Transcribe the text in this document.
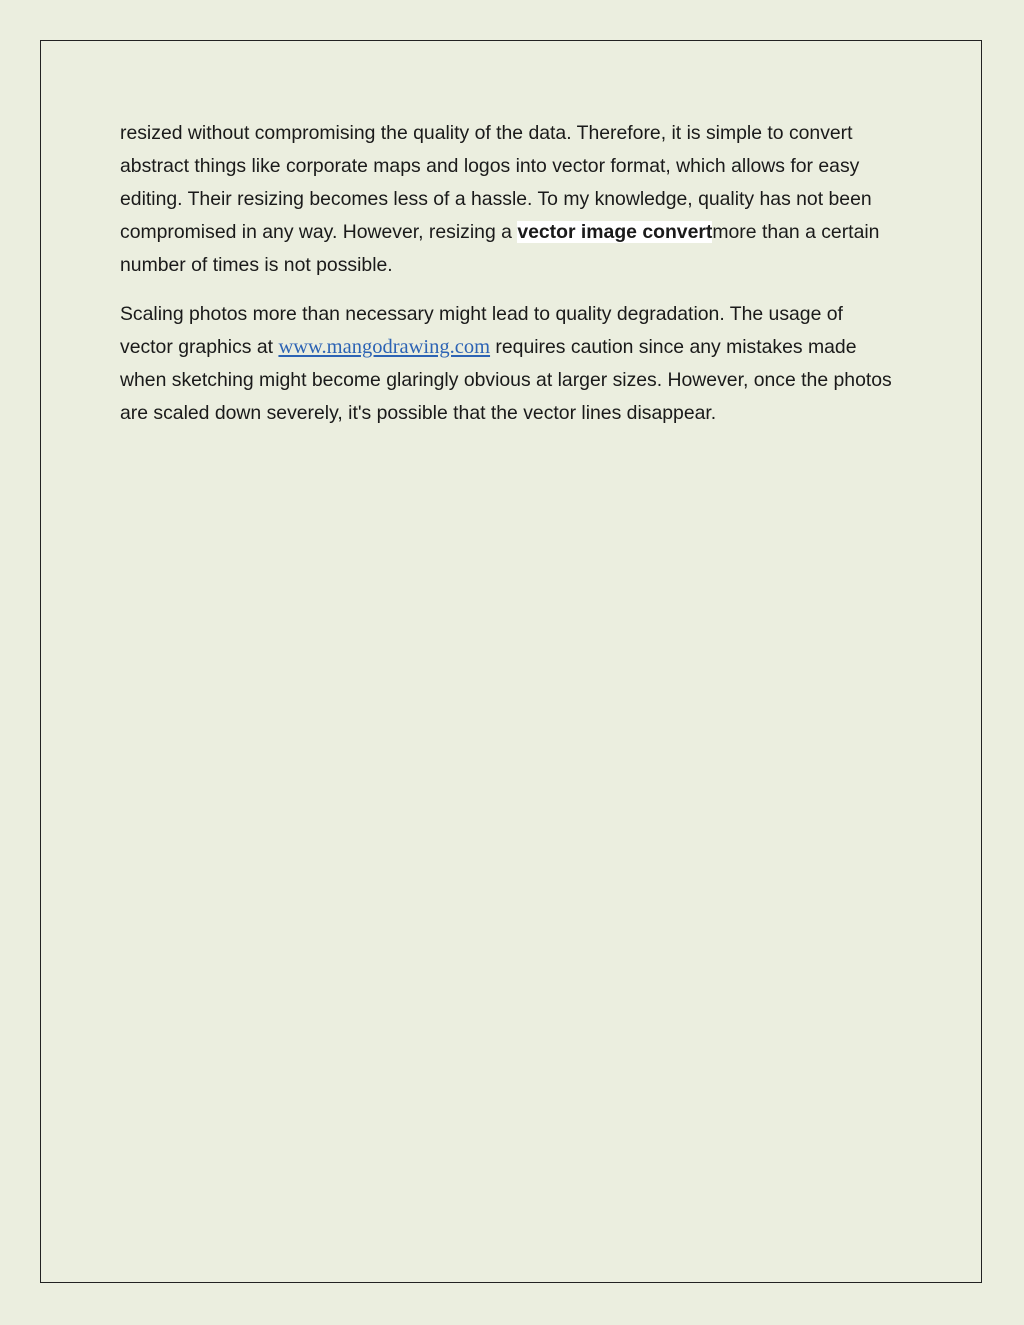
resized without compromising the quality of the data. Therefore, it is simple to convert abstract things like corporate maps and logos into vector format, which allows for easy editing. Their resizing becomes less of a hassle. To my knowledge, quality has not been compromised in any way. However, resizing a vector image convertmore than a certain number of times is not possible.

Scaling photos more than necessary might lead to quality degradation. The usage of vector graphics at www.mangodrawing.com requires caution since any mistakes made when sketching might become glaringly obvious at larger sizes. However, once the photos are scaled down severely, it's possible that the vector lines disappear.
